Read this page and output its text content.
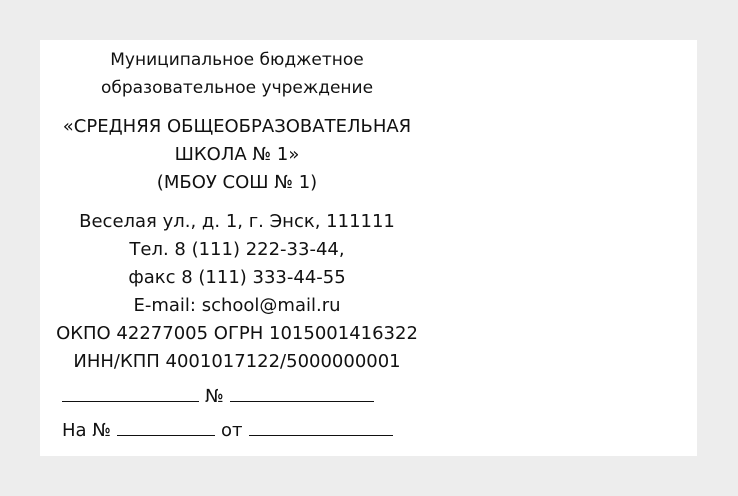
Муниципальное бюджетное
образовательное учреждение
«СРЕДНЯЯ ОБЩЕОБРАЗОВАТЕЛЬНАЯ
ШКОЛА № 1»
(МБОУ СОШ № 1)
Веселая ул., д. 1, г. Энск, 111111
Тел. 8 (111) 222-33-44,
факс 8 (111) 333-44-55
E-mail: school@mail.ru
ОКПО 42277005 ОГРН 1015001416322
ИНН/КПП 4001017122/5000000001
№
На №	от
